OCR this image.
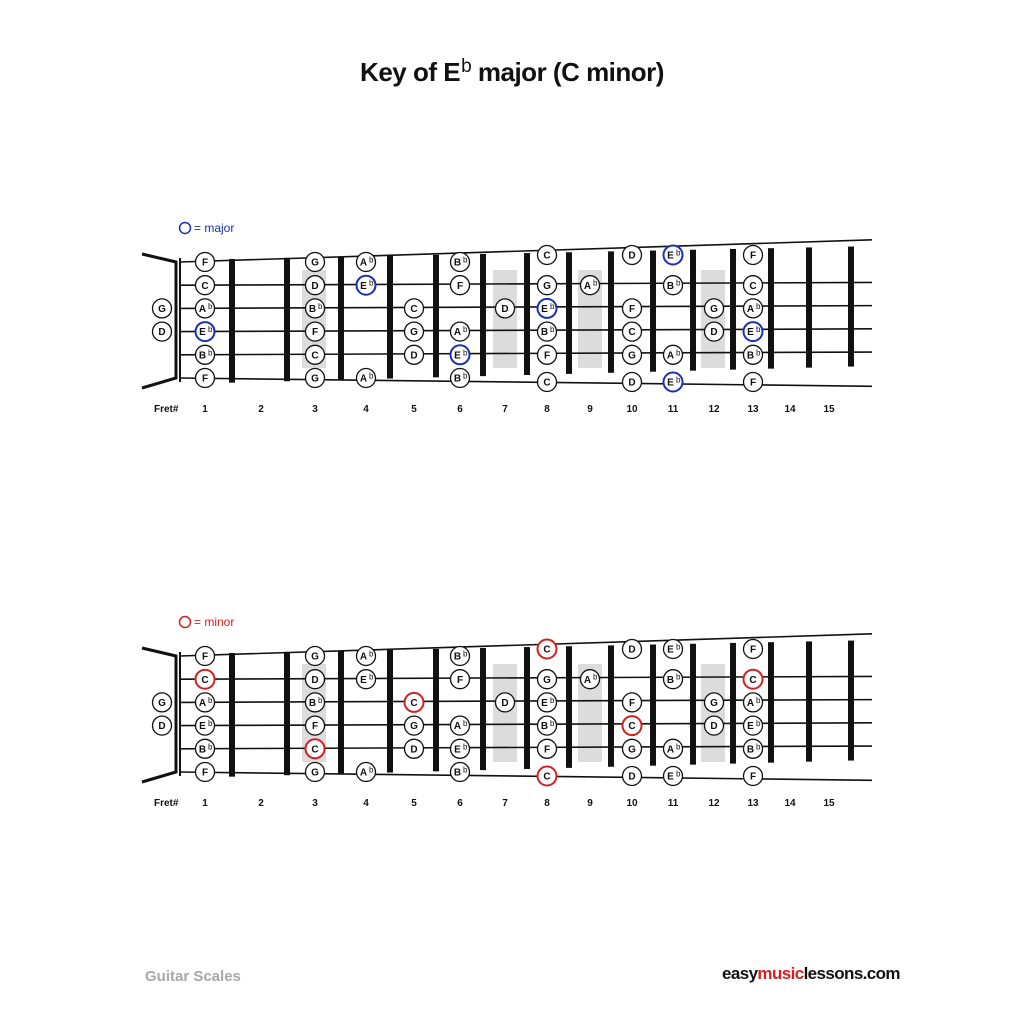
Key of $E^b$ major (C minor)
Fret# 1	2	3	4	5	6	7	8	9	10	11	12	13	14	15
= major
G
D
F
C
A b
E b
B b
F
G
D
B b
F
C
G
A b
E b
A b
C
G
D
B b
F
A b
E b
B b
D
C
G
E b
B b
F
C
A b
D
F
C
G
D
E b
B b
A b
E b
G
D
F
C
A b
E b
B b
F
Fret# 1	2	3	4	5	6	7	8	9	10	11	12	13	14	15
= minor
G
D
F
C
A b
E b
B b
F
G
D
B b
F
C
G
A b
E b
A b
C
G
D
B b
F
A b
E b
B b
D
C
G
E b
B b
F
C
A b
D
F
C
G
D
E b
B b
A b
E b
G
D
F
C
A b
E b
B b
F
Guitar Scales	easymusiclessons.com
